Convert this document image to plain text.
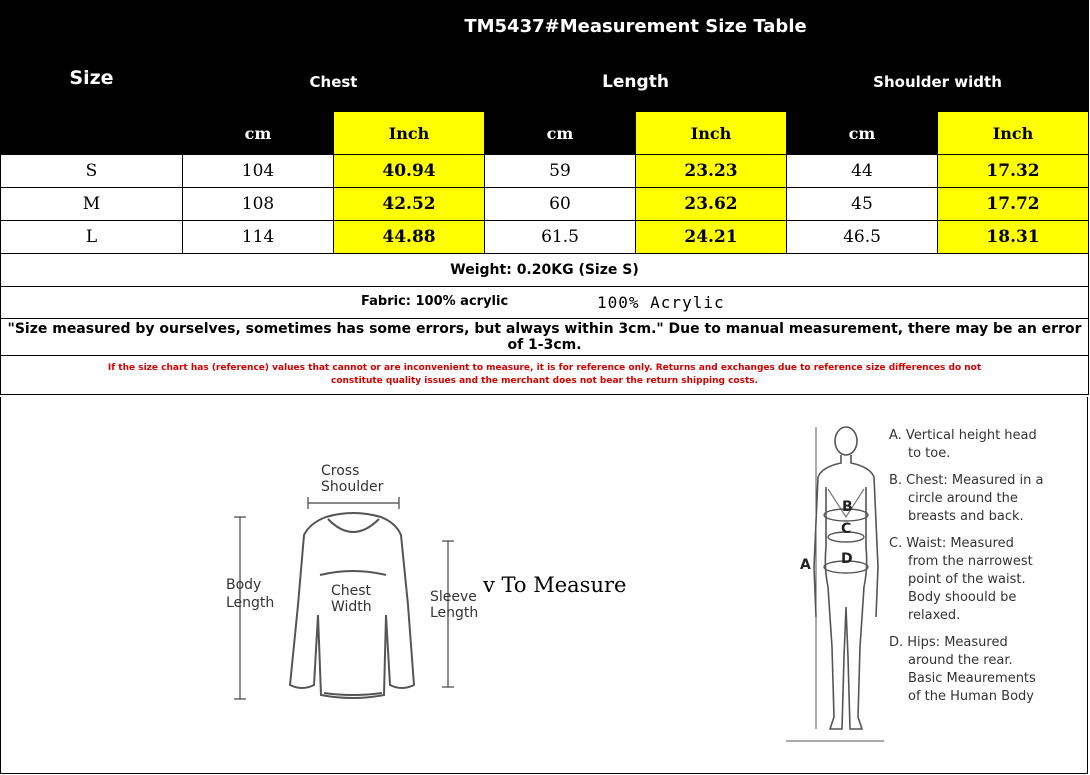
Size	TM5437#Measurement Size Table					
	Chest		Length		Shoulder width	
	cm	Inch	cm	Inch	cm	Inch
S	104	40.94	59	23.23	44	17.32
M	108	42.52	60	23.62	45	17.72
L	114	44.88	61.5	24.21	46.5	18.31
Weight: 0.20KG (Size S)						

Fabric: 100% acrylic 100% Acrylic						

"Size measured by ourselves, sometimes has some errors, but always within 3cm." Due to manual measurement, there may be an error of 1-3cm.						

If the size chart has (reference) values that cannot or are inconvenient to measure, it is for reference only. Returns and exchanges due to reference size differences do not
constitute quality issues and the merchant does not bear the return shipping costs.						
Cross
Shoulder
Body
Length
Chest
Width
Sleeve
Length
v To Measure
B
C
D
A

A. Vertical height head
to toe.

B. Chest: Measured in a
circle around the
breasts and back.

C. Waist: Measured
from the narrowest
point of the waist.
Body shoould be
relaxed.

D. Hips: Measured
around the rear.
Basic Meaurements
of the Human Body
